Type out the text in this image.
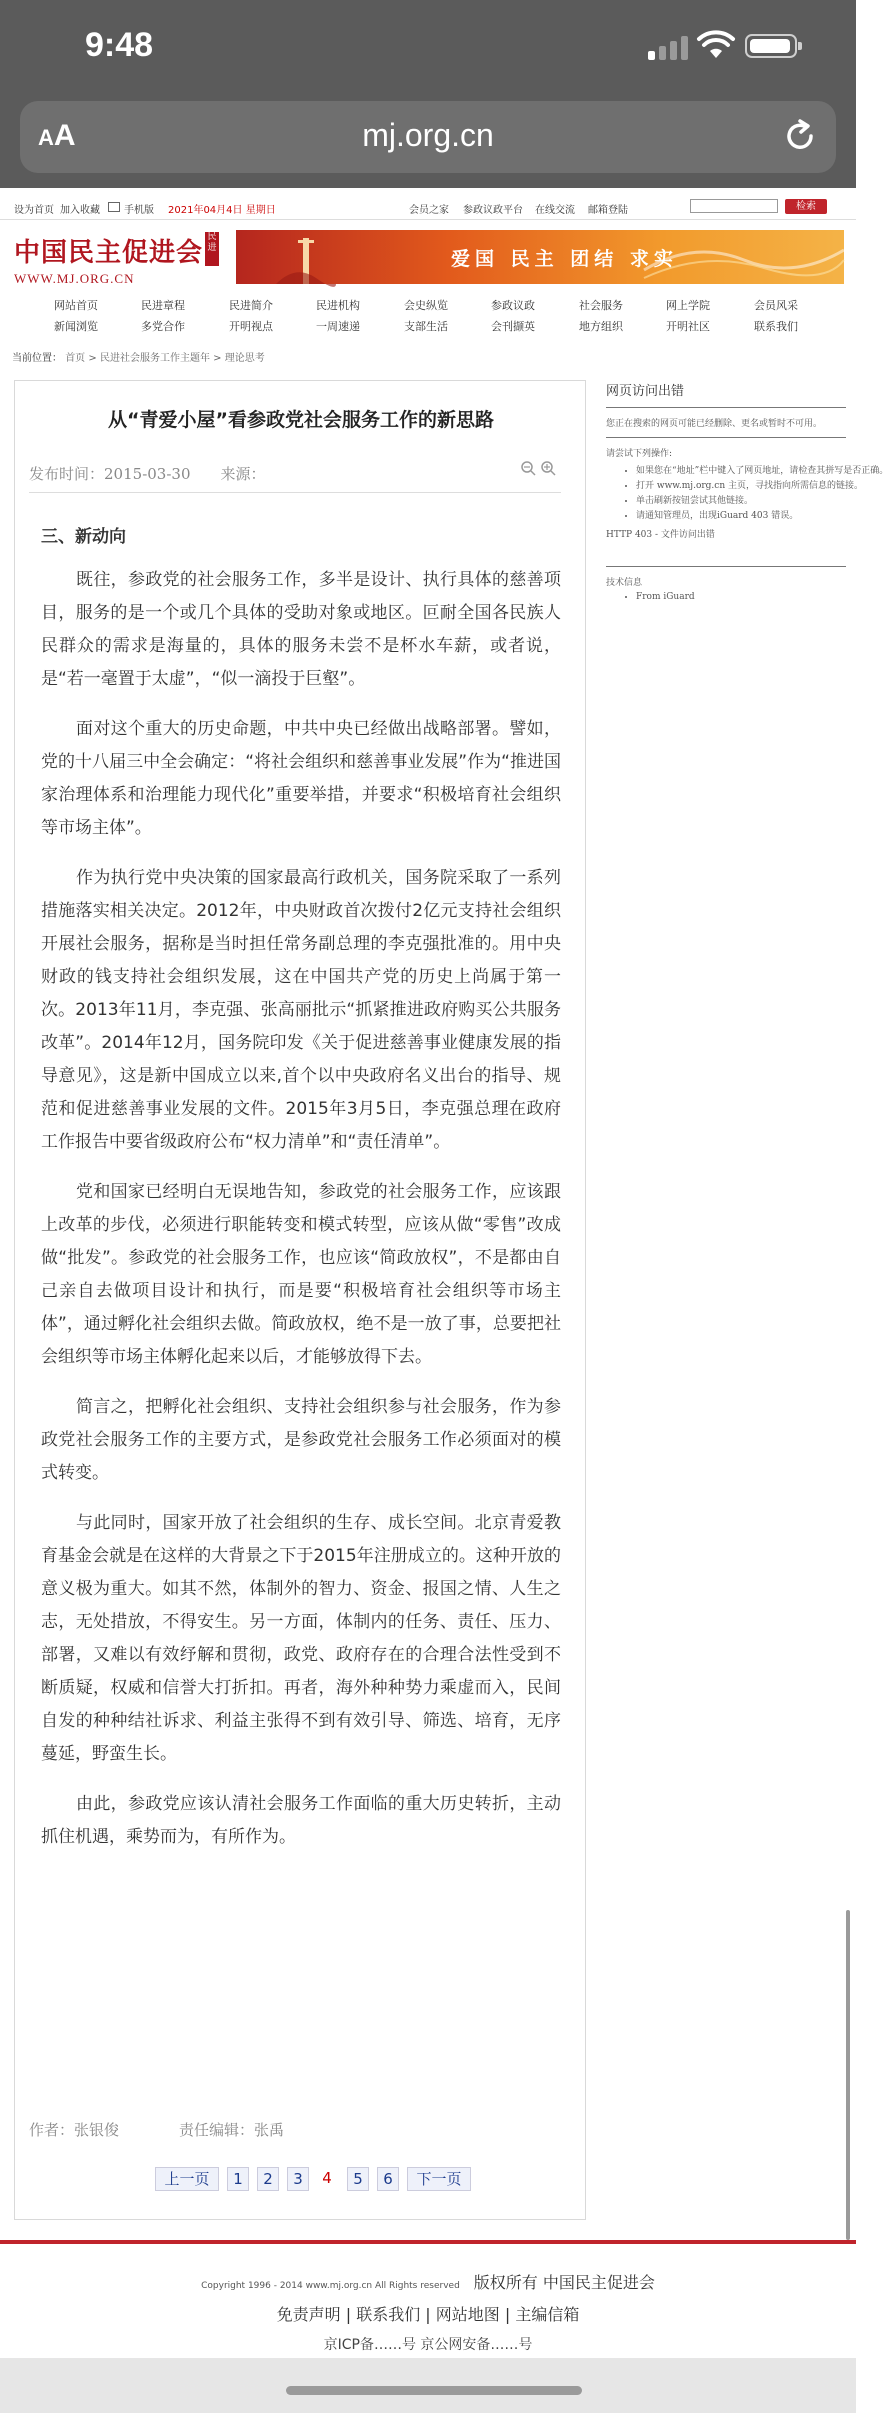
9:48
AA	mj.org.cn
设为首页 加入收藏 手机版 2021年04月4日 星期日	会员之家 参政议政平台 在线交流 邮箱登陆	检索
中国民主促进会民进
WWW.MJ.ORG.CN
爱国 民主 团结 求实
网站首页	民进章程	民进简介	民进机构	会史纵览	参政议政	社会服务	网上学院	会员风采
新闻浏览	多党合作	开明视点	一周速递	支部生活	会刊撷英	地方组织	开明社区	联系我们
当前位置： 首页 > 民进社会服务工作主题年 > 理论思考
从“青爱小屋”看参政党社会服务工作的新思路
发布时间：2015-03-30 来源：

三、新动向

既往，参政党的社会服务工作，多半是设计、执行具体的慈善项目，服务的是一个或几个具体的受助对象或地区。叵耐全国各民族人民群众的需求是海量的，具体的服务未尝不是杯水车薪，或者说，是“若一毫置于太虚”，“似一滴投于巨壑”。

面对这个重大的历史命题，中共中央已经做出战略部署。譬如，党的十八届三中全会确定：“将社会组织和慈善事业发展”作为“推进国家治理体系和治理能力现代化”重要举措，并要求“积极培育社会组织等市场主体”。

作为执行党中央决策的国家最高行政机关，国务院采取了一系列措施落实相关决定。2012年，中央财政首次拨付2亿元支持社会组织开展社会服务，据称是当时担任常务副总理的李克强批准的。用中央财政的钱支持社会组织发展，这在中国共产党的历史上尚属于第一次。2013年11月，李克强、张高丽批示“抓紧推进政府购买公共服务改革”。2014年12月，国务院印发《关于促进慈善事业健康发展的指导意见》，这是新中国成立以来,首个以中央政府名义出台的指导、规范和促进慈善事业发展的文件。2015年3月5日，李克强总理在政府工作报告中要省级政府公布“权力清单”和“责任清单”。

党和国家已经明白无误地告知，参政党的社会服务工作，应该跟上改革的步伐，必须进行职能转变和模式转型，应该从做“零售”改成做“批发”。参政党的社会服务工作，也应该“简政放权”，不是都由自己亲自去做项目设计和执行，而是要“积极培育社会组织等市场主体”，通过孵化社会组织去做。简政放权，绝不是一放了事，总要把社会组织等市场主体孵化起来以后，才能够放得下去。

简言之，把孵化社会组织、支持社会组织参与社会服务，作为参政党社会服务工作的主要方式，是参政党社会服务工作必须面对的模式转变。

与此同时，国家开放了社会组织的生存、成长空间。北京青爱教育基金会就是在这样的大背景之下于2015年注册成立的。这种开放的意义极为重大。如其不然，体制外的智力、资金、报国之情、人生之志，无处措放，不得安生。另一方面，体制内的任务、责任、压力、部署，又难以有效纾解和贯彻，政党、政府存在的合理合法性受到不断质疑，权威和信誉大打折扣。再者，海外种种势力乘虚而入，民间自发的种种结社诉求、利益主张得不到有效引导、筛选、培育，无序蔓延，野蛮生长。

由此，参政党应该认清社会服务工作面临的重大历史转折，主动抓住机遇，乘势而为，有所作为。

作者：张银俊	责任编辑：张禹
上一页	1	2	3	4	5	6	下一页
网页访问出错
您正在搜索的网页可能已经删除、更名或暂时不可用。
请尝试下列操作:
• 如果您在“地址”栏中键入了网页地址，请检查其拼写是否正确。
• 打开 www.mj.org.cn 主页，寻找指向所需信息的链接。
• 单击刷新按钮尝试其他链接。
• 请通知管理员，出现iGuard 403 错误。
HTTP 403 - 文件访问出错
技术信息
• From iGuard
Copyright 1996 - 2014 www.mj.org.cn All Rights reserved 版权所有 中国民主促进会
免责声明 | 联系我们 | 网站地图 | 主编信箱
京ICP备……号 京公网安备……号
